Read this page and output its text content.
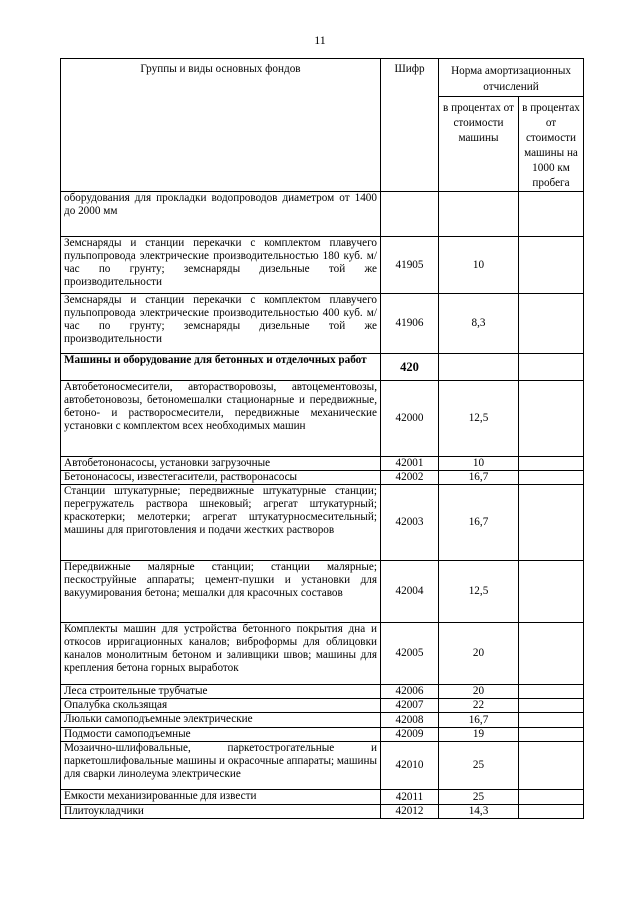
11
Группы и виды основных фондов	Шифр	Норма амортизационных отчислений	
		в процентах от стоимости машины	в процентах от стоимости машины на 1000 км пробега
оборудования для прокладки водопроводов диаметром от 1400 до 2000 мм			
Земснаряды и станции перекачки с комплектом плавучего пульпопровода электрические производительностью 180 куб. м/час по грунту; земснаряды дизельные той же производительности	41905	10	
Земснаряды и станции перекачки с комплектом плавучего пульпопровода электрические производительностью 400 куб. м/час по грунту; земснаряды дизельные той же производительности	41906	8,3	
Машины и оборудование для бетонных и отделочных работ	420		
Автобетоносмесители, авторастворовозы, автоцементовозы, автобетоновозы, бетономешалки стационарные и передвижные, бетоно- и растворосмесители, передвижные механические установки с комплектом всех необходимых машин	42000	12,5	
Автобетононасосы, установки загрузочные	42001	10	
Бетононасосы, известегасители, растворонасосы	42002	16,7	
Станции штукатурные; передвижные штукатурные станции; перегружатель раствора шнековый; агрегат штукатурный; краскотерки; мелотерки; агрегат штукатурносмесительный; машины для приготовления и подачи жестких растворов	42003	16,7	
Передвижные малярные станции; станции малярные; пескоструйные аппараты; цемент-пушки и установки для вакуумирования бетона; мешалки для красочных составов	42004	12,5	
Комплекты машин для устройства бетонного покрытия дна и откосов ирригационных каналов; виброформы для облицовки каналов монолитным бетоном и заливщики швов; машины для крепления бетона горных выработок	42005	20	
Леса строительные трубчатые	42006	20	
Опалубка скользящая	42007	22	
Люльки самоподъемные электрические	42008	16,7	
Подмости самоподъемные	42009	19	
Мозаично-шлифовальные, паркетострогательные и паркетошлифовальные машины и окрасочные аппараты; машины для сварки линолеума электрические	42010	25	
Емкости механизированные для извести	42011	25	
Плитоукладчики	42012	14,3	
